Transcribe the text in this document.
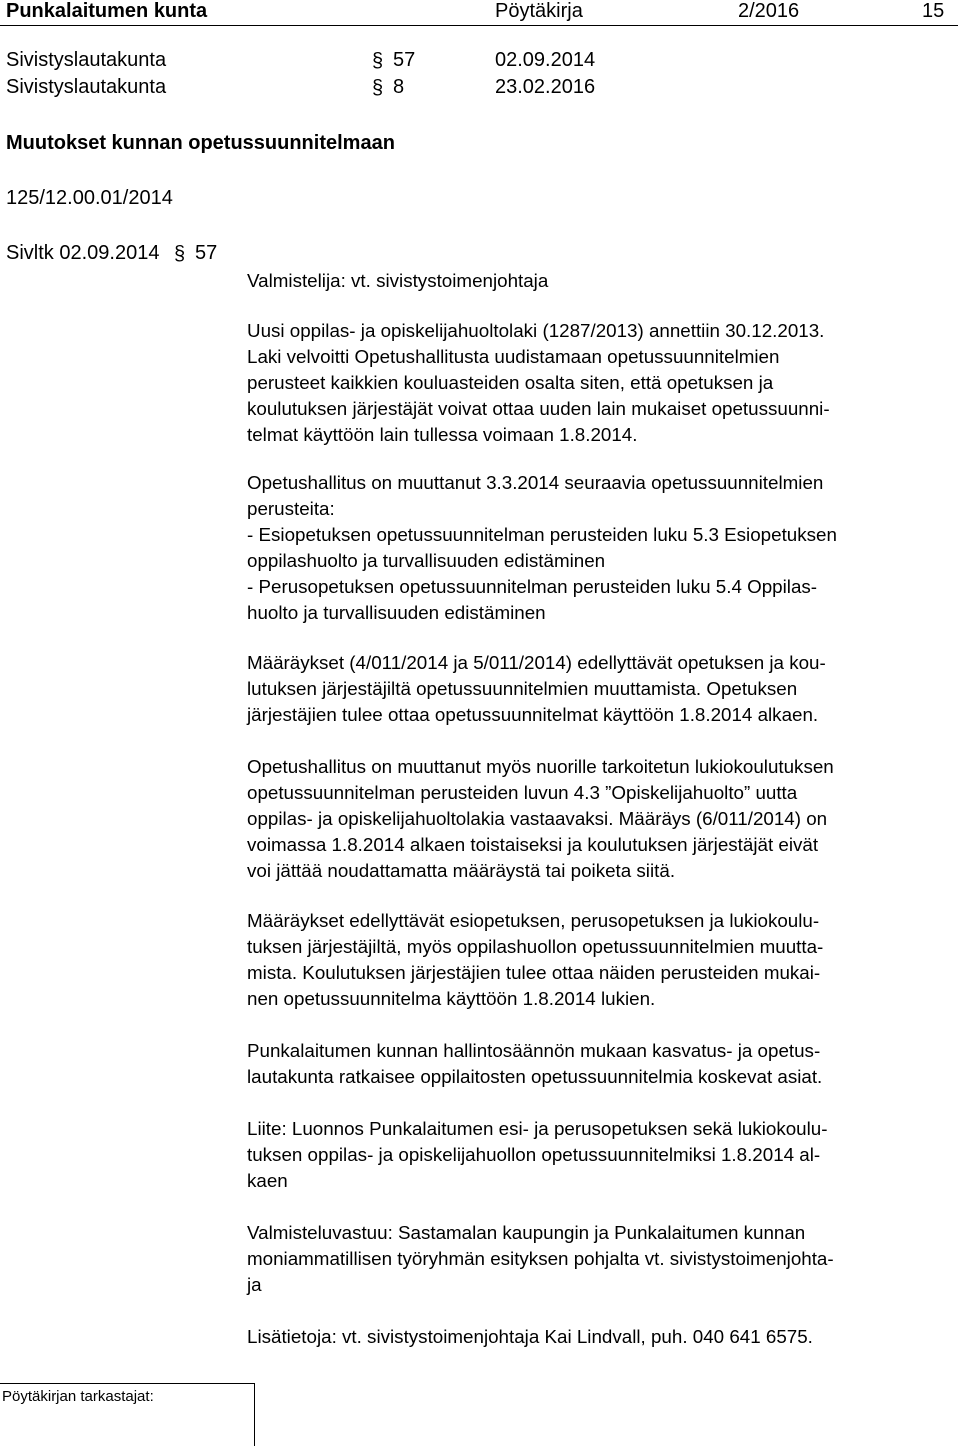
Punkalaitumen kunta	Pöytäkirja	2/2016	15
Sivistyslautakunta	§ 57	02.09.2014
Sivistyslautakunta	§ 8	23.02.2016
Muutokset kunnan opetussuunnitelmaan
125/12.00.01/2014
Sivltk 02.09.2014 § 57
Valmistelija: vt. sivistystoimenjohtaja
Uusi oppilas- ja opiskelijahuoltolaki (1287/2013) annettiin 30.12.2013.
Laki velvoitti Opetushallitusta uudistamaan opetussuunnitelmien
perusteet kaikkien kouluasteiden osalta siten, että opetuksen ja
koulutuksen järjestäjät voivat ottaa uuden lain mukaiset opetussuunni-
telmat käyttöön lain tullessa voimaan 1.8.2014.
Opetushallitus on muuttanut 3.3.2014 seuraavia opetussuunnitelmien
perusteita:
- Esiopetuksen opetussuunnitelman perusteiden luku 5.3 Esiopetuksen
oppilashuolto ja turvallisuuden edistäminen
- Perusopetuksen opetussuunnitelman perusteiden luku 5.4 Oppilas-
huolto ja turvallisuuden edistäminen
Määräykset (4/011/2014 ja 5/011/2014) edellyttävät opetuksen ja kou-
lutuksen järjestäjiltä opetussuunnitelmien muuttamista. Opetuksen
järjestäjien tulee ottaa opetussuunnitelmat käyttöön 1.8.2014 alkaen.
Opetushallitus on muuttanut myös nuorille tarkoitetun lukiokoulutuksen
opetussuunnitelman perusteiden luvun 4.3 ”Opiskelijahuolto” uutta
oppilas- ja opiskelijahuoltolakia vastaavaksi. Määräys (6/011/2014) on
voimassa 1.8.2014 alkaen toistaiseksi ja koulutuksen järjestäjät eivät
voi jättää noudattamatta määräystä tai poiketa siitä.
Määräykset edellyttävät esiopetuksen, perusopetuksen ja lukiokoulu-
tuksen järjestäjiltä, myös oppilashuollon opetussuunnitelmien muutta-
mista. Koulutuksen järjestäjien tulee ottaa näiden perusteiden mukai-
nen opetussuunnitelma käyttöön 1.8.2014 lukien.
Punkalaitumen kunnan hallintosäännön mukaan kasvatus- ja opetus-
lautakunta ratkaisee oppilaitosten opetussuunnitelmia koskevat asiat.
Liite: Luonnos Punkalaitumen esi- ja perusopetuksen sekä lukiokoulu-
tuksen oppilas- ja opiskelijahuollon opetussuunnitelmiksi 1.8.2014 al-
kaen
Valmisteluvastuu: Sastamalan kaupungin ja Punkalaitumen kunnan
moniammatillisen työryhmän esityksen pohjalta vt. sivistystoimenjohta-
ja
Lisätietoja: vt. sivistystoimenjohtaja Kai Lindvall, puh. 040 641 6575.
Pöytäkirjan tarkastajat:
